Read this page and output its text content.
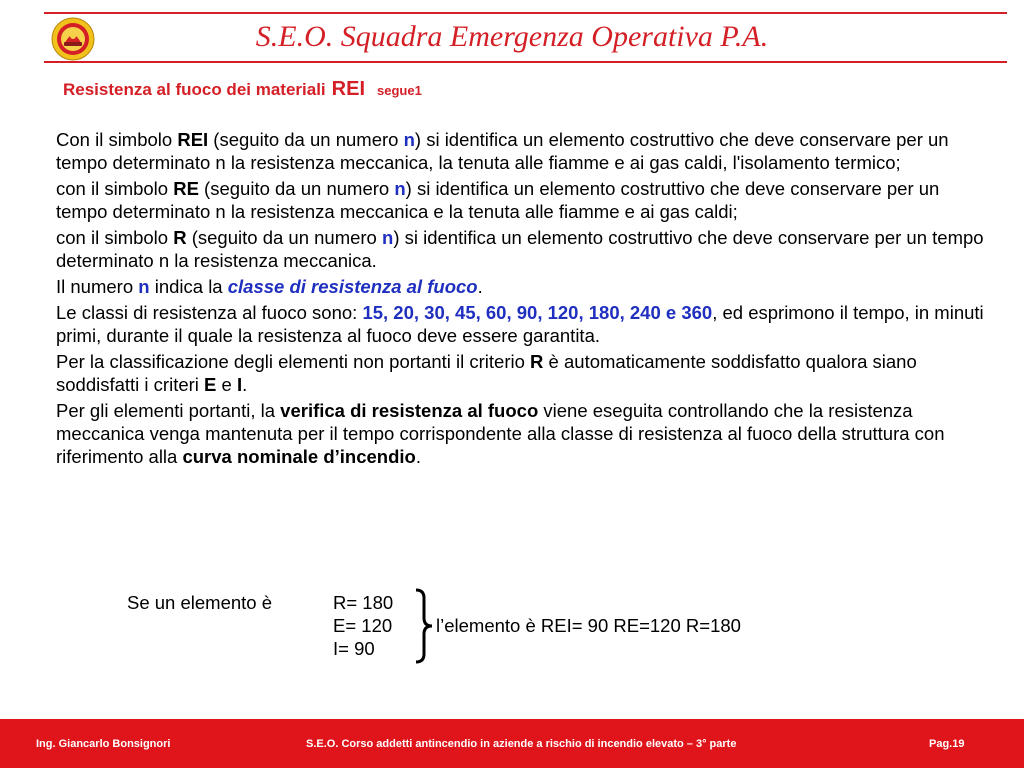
S.E.O. Squadra Emergenza Operativa P.A.
Resistenza al fuoco dei materiali REI segue1

Con il simbolo REI (seguito da un numero n) si identifica un elemento costruttivo che deve conservare per un tempo determinato n la resistenza meccanica, la tenuta alle fiamme e ai gas caldi, l'isolamento termico;

con il simbolo RE (seguito da un numero n) si identifica un elemento costruttivo che deve conservare per un tempo determinato n la resistenza meccanica e la tenuta alle fiamme e ai gas caldi;

con il simbolo R (seguito da un numero n) si identifica un elemento costruttivo che deve conservare per un tempo determinato n la resistenza meccanica.

Il numero n indica la classe di resistenza al fuoco.

Le classi di resistenza al fuoco sono: 15, 20, 30, 45, 60, 90, 120, 180, 240 e 360, ed esprimono il tempo, in minuti primi, durante il quale la resistenza al fuoco deve essere garantita.

Per la classificazione degli elementi non portanti il criterio R è automaticamente soddisfatto qualora siano soddisfatti i criteri E e I.

Per gli elementi portanti, la verifica di resistenza al fuoco viene eseguita controllando che la resistenza meccanica venga mantenuta per il tempo corrispondente alla classe di resistenza al fuoco della struttura con riferimento alla curva nominale d’incendio.

Se un elemento è	R= 180
E= 120
I= 90
l’elemento è REI= 90 RE=120 R=180
Ing. Giancarlo Bonsignori	S.E.O. Corso addetti antincendio in aziende a rischio di incendio elevato – 3° parte	Pag.19
